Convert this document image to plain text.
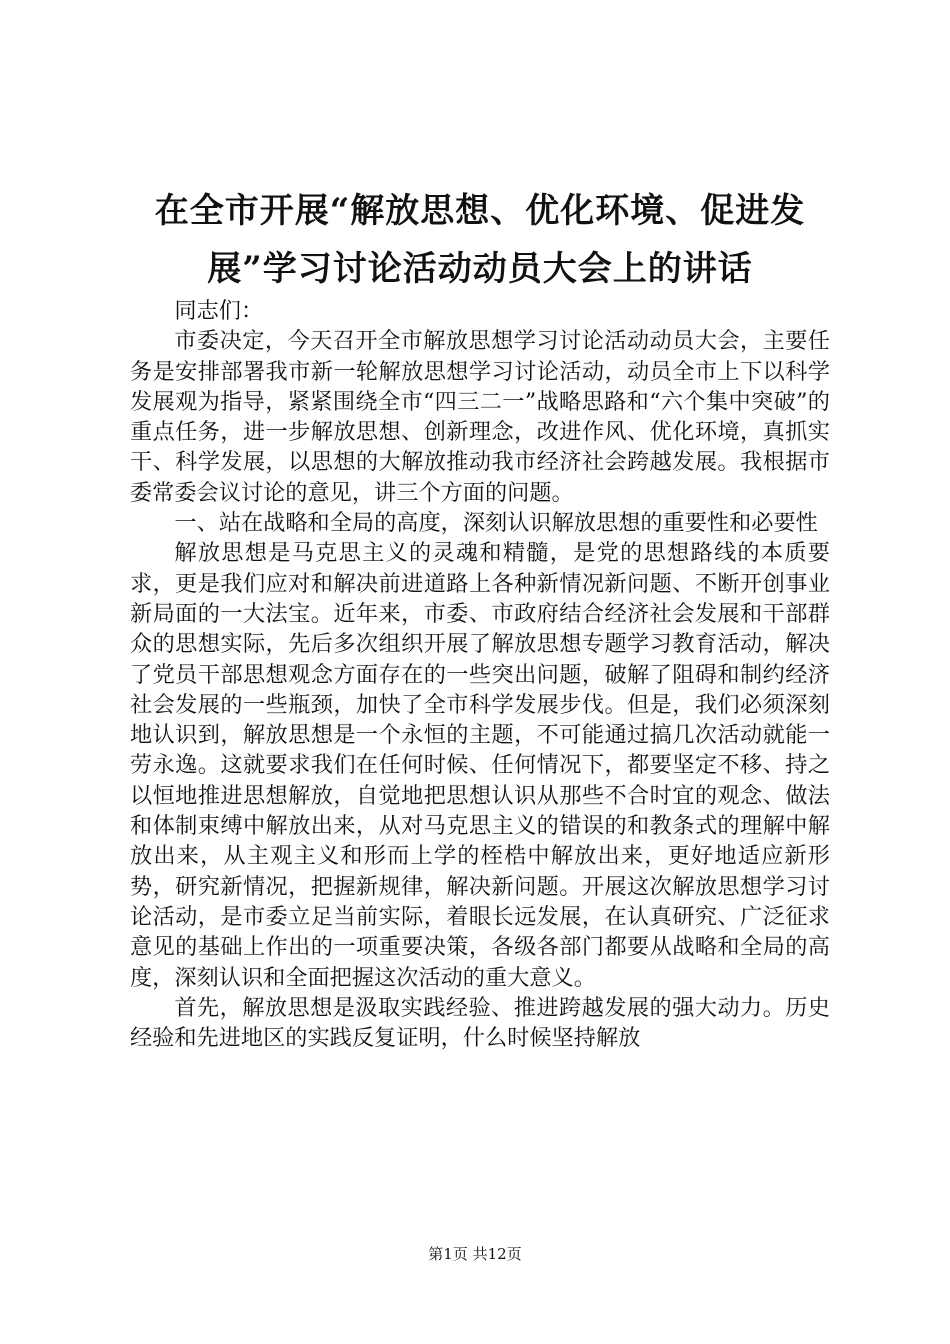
在全市开展“解放思想、优化环境、促进发展”学习讨论活动动员大会上的讲话

同志们：

市委决定，今天召开全市解放思想学习讨论活动动员大会，主要任务是安排部署我市新一轮解放思想学习讨论活动，动员全市上下以科学发展观为指导，紧紧围绕全市“四三二一”战略思路和“六个集中突破”的重点任务，进一步解放思想、创新理念，改进作风、优化环境，真抓实干、科学发展，以思想的大解放推动我市经济社会跨越发展。我根据市委常委会议讨论的意见，讲三个方面的问题。

一、站在战略和全局的高度，深刻认识解放思想的重要性和必要性

解放思想是马克思主义的灵魂和精髓，是党的思想路线的本质要求，更是我们应对和解决前进道路上各种新情况新问题、不断开创事业新局面的一大法宝。近年来，市委、市政府结合经济社会发展和干部群众的思想实际，先后多次组织开展了解放思想专题学习教育活动，解决了党员干部思想观念方面存在的一些突出问题，破解了阻碍和制约经济社会发展的一些瓶颈，加快了全市科学发展步伐。但是，我们必须深刻地认识到，解放思想是一个永恒的主题，不可能通过搞几次活动就能一劳永逸。这就要求我们在任何时候、任何情况下，都要坚定不移、持之以恒地推进思想解放，自觉地把思想认识从那些不合时宜的观念、做法和体制束缚中解放出来，从对马克思主义的错误的和教条式的理解中解放出来，从主观主义和形而上学的桎梏中解放出来，更好地适应新形势，研究新情况，把握新规律，解决新问题。开展这次解放思想学习讨论活动，是市委立足当前实际，着眼长远发展，在认真研究、广泛征求意见的基础上作出的一项重要决策，各级各部门都要从战略和全局的高度，深刻认识和全面把握这次活动的重大意义。

首先，解放思想是汲取实践经验、推进跨越发展的强大动力。历史经验和先进地区的实践反复证明，什么时候坚持解放

第1页 共12页
